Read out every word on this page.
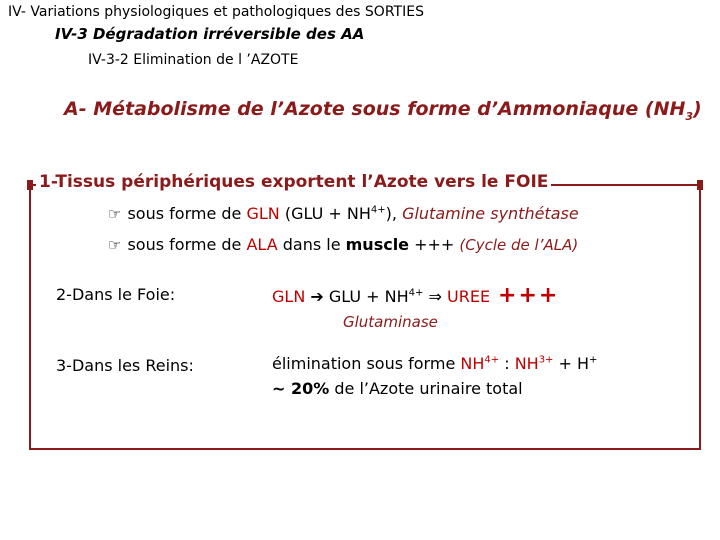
IV- Variations physiologiques et pathologiques des SORTIES
IV-3 Dégradation irréversible des AA
IV-3-2 Elimination de l ’AZOTE
A- Métabolisme de l’Azote sous forme d’Ammoniaque $(NH_3)$
1-Tissus périphériques exportent l’Azote vers le FOIE
☞ sous forme de GLN $(GLU + NH^{4+})$, Glutamine synthétase
☞ sous forme de ALA dans le muscle +++ (Cycle de l’ALA)
2-Dans le Foie:	GLN ➔ GLU + $NH^{4+}$ ⇒ UREE +++
Glutaminase
3-Dans les Reins:	élimination sous forme $NH^{4+}$ : $NH^{3+} + H^+$
~ 20% de l’Azote urinaire total
